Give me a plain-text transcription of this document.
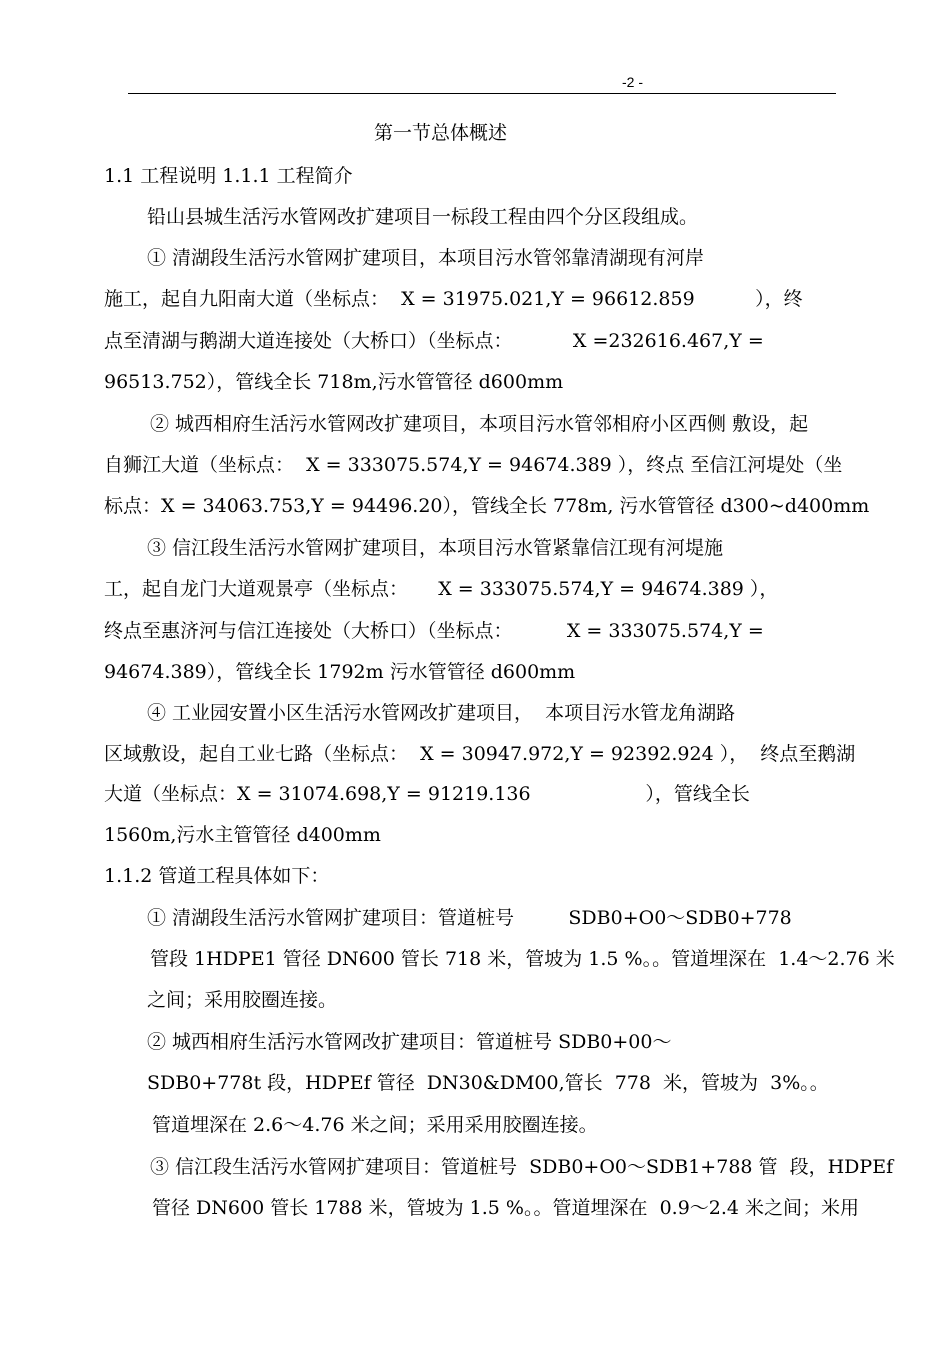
-2 -
第一节总体概述
1.1 工程说明 1.1.1 工程简介
铅山县城生活污水管网改扩建项目一标段工程由四个分区段组成。
① 清湖段生活污水管网扩建项目，本项目污水管邻靠清湖现有河岸
施工，起自九阳南大道（坐标点：  X = 31975.021,Y = 96612.859          ），终
点至清湖与鹅湖大道连接处（大桥口）（坐标点：          X =232616.467,Y =
96513.752），管线全长 718m,污水管管径 d600mm
② 城西相府生活污水管网改扩建项目，本项目污水管邻相府小区西侧 敷设，起
自狮江大道（坐标点：  X = 333075.574,Y = 94674.389 ），终点 至信江河堤处（坐
标点：X = 34063.753,Y = 94496.20），管线全长 778m, 污水管管径 d300~d400mm
③ 信江段生活污水管网扩建项目，本项目污水管紧靠信江现有河堤施
工，起自龙门大道观景亭（坐标点：     X = 333075.574,Y = 94674.389 ），
终点至惠济河与信江连接处（大桥口）（坐标点：         X = 333075.574,Y =
94674.389），管线全长 1792m 污水管管径 d600mm
④ 工业园安置小区生活污水管网改扩建项目，  本项目污水管龙角湖路
区域敷设，起自工业七路（坐标点：  X = 30947.972,Y = 92392.924 ），  终点至鹅湖
大道（坐标点：X = 31074.698,Y = 91219.136                   ），管线全长
1560m,污水主管管径 d400mm
1.1.2 管道工程具体如下：
① 清湖段生活污水管网扩建项目：管道桩号         SDB0+O0～SDB0+778
管段 1HDPE1 管径 DN600 管长 718 米，管坡为 1.5 %。。管道埋深在  1.4～2.76 米
之间；采用胶圈连接。
② 城西相府生活污水管网改扩建项目：管道桩号 SDB0+00～
SDB0+778t 段，HDPEf 管径  DN30&DM00,管长  778  米，管坡为  3%。。
管道埋深在 2.6～4.76 米之间；采用采用胶圈连接。
③ 信江段生活污水管网扩建项目：管道桩号  SDB0+O0～SDB1+788 管  段，HDPEf
管径 DN600 管长 1788 米，管坡为 1.5 %。。管道埋深在  0.9～2.4 米之间；米用
